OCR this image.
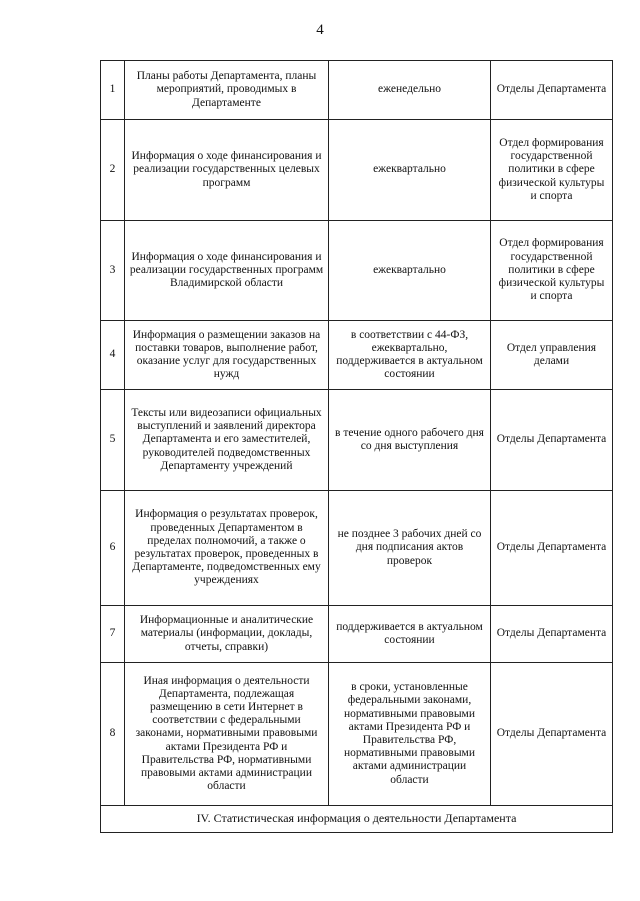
4
1	Планы работы Департамента, планы мероприятий, проводимых в Департаменте	еженедельно	Отделы Департамента
2	Информация о ходе финансирования и реализации государственных целевых программ	ежеквартально	Отдел формирования государственной политики в сфере физической культуры и спорта
3	Информация о ходе финансирования и реализации государственных программ Владимирской области	ежеквартально	Отдел формирования государственной политики в сфере физической культуры и спорта
4	Информация о размещении заказов на поставки товаров, выполнение работ, оказание услуг для государственных нужд	в соответствии с 44-ФЗ, ежеквартально, поддерживается в актуальном состоянии	Отдел управления делами
5	Тексты или видеозаписи официальных выступлений и заявлений директора Департамента и его заместителей, руководителей подведомственных Департаменту учреждений	в течение одного рабочего дня со дня выступления	Отделы Департамента
6	Информация о результатах проверок, проведенных Департаментом в пределах полномочий, а также о результатах проверок, проведенных в Департаменте, подведомственных ему учреждениях	не позднее 3 рабочих дней со дня подписания актов проверок	Отделы Департамента
7	Информационные и аналитические материалы (информации, доклады, отчеты, справки)	поддерживается в актуальном состоянии	Отделы Департамента
8	Иная информация о деятельности Департамента, подлежащая размещению в сети Интернет в соответствии с федеральными законами, нормативными правовыми актами Президента РФ и Правительства РФ, нормативными правовыми актами администрации области	в сроки, установленные федеральными законами, нормативными правовыми актами Президента РФ и Правительства РФ, нормативными правовыми актами администрации области	Отделы Департамента
IV. Статистическая информация о деятельности Департамента			
